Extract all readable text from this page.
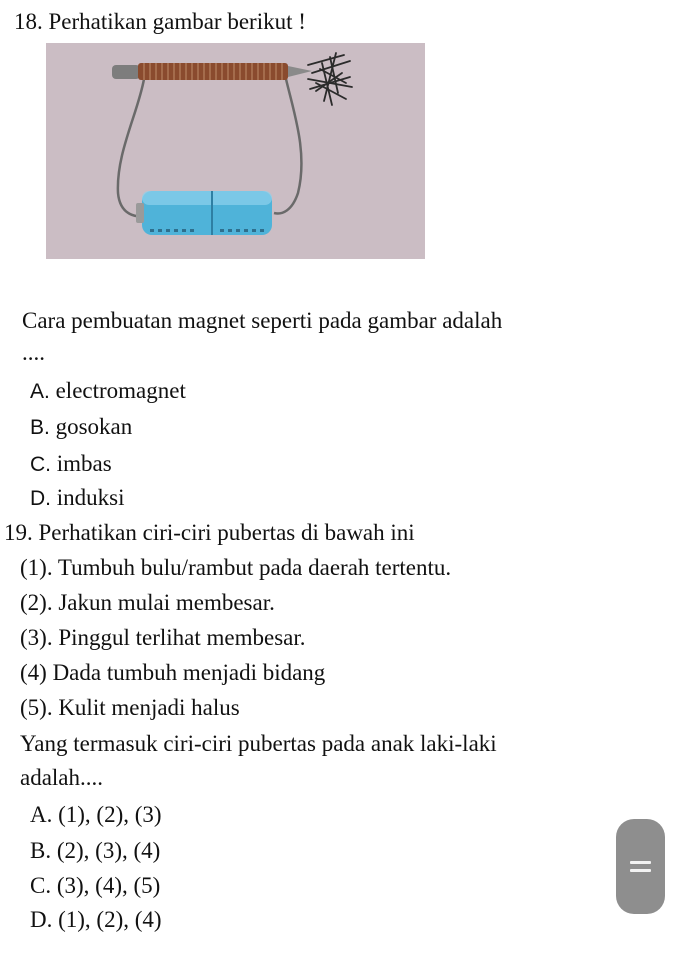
18. Perhatikan gambar berikut !
Cara pembuatan magnet seperti pada gambar adalah
....
A. electromagnet
B. gosokan
C. imbas
D. induksi
19. Perhatikan ciri-ciri pubertas di bawah ini
(1). Tumbuh bulu/rambut pada daerah tertentu.
(2). Jakun mulai membesar.
(3). Pinggul terlihat membesar.
(4) Dada tumbuh menjadi bidang
(5). Kulit menjadi halus
Yang termasuk ciri-ciri pubertas pada anak laki-laki
adalah....
A. (1), (2), (3)
B. (2), (3), (4)
C. (3), (4), (5)
D. (1), (2), (4)
